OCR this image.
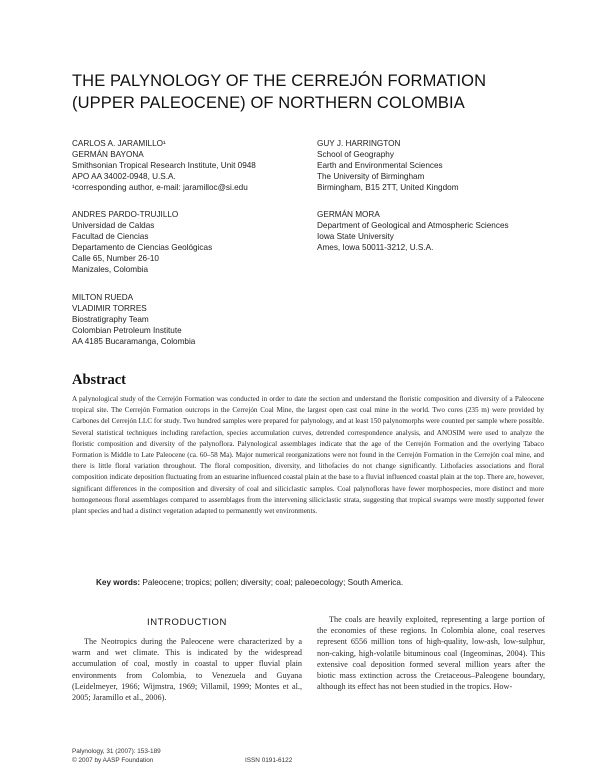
THE PALYNOLOGY OF THE CERREJÓN FORMATION
(UPPER PALEOCENE) OF NORTHERN COLOMBIA
CARLOS A. JARAMILLO¹
GERMÁN BAYONA
Smithsonian Tropical Research Institute, Unit 0948
APO AA 34002-0948, U.S.A.
¹corresponding author, e-mail: jaramilloc@si.edu
ANDRES PARDO-TRUJILLO
Universidad de Caldas
Facultad de Ciencias
Departamento de Ciencias Geológicas
Calle 65, Number 26-10
Manizales, Colombia
MILTON RUEDA
VLADIMIR TORRES
Biostratigraphy Team
Colombian Petroleum Institute
AA 4185 Bucaramanga, Colombia
GUY J. HARRINGTON
School of Geography
Earth and Environmental Sciences
The University of Birmingham
Birmingham, B15 2TT, United Kingdom
GERMÁN MORA
Department of Geological and Atmospheric Sciences
Iowa State University
Ames, Iowa 50011-3212, U.S.A.
Abstract
A palynological study of the Cerrejón Formation was conducted in order to date the section and understand the floristic composition and diversity of a Paleocene tropical site. The Cerrejón Formation outcrops in the Cerrejón Coal Mine, the largest open cast coal mine in the world. Two cores (235 m) were provided by Carbones del Cerrejón LLC for study. Two hundred samples were prepared for palynology, and at least 150 palynomorphs were counted per sample where possible. Several statistical techniques including rarefaction, species accumulation curves, detrended correspondence analysis, and ANOSIM were used to analyze the floristic composition and diversity of the palynoflora. Palynological assemblages indicate that the age of the Cerrejón Formation and the overlying Tabaco Formation is Middle to Late Paleocene (ca. 60–58 Ma). Major numerical reorganizations were not found in the Cerrejón Formation in the Cerrejón coal mine, and there is little floral variation throughout. The floral composition, diversity, and lithofacies do not change significantly. Lithofacies associations and floral composition indicate deposition fluctuating from an estuarine influenced coastal plain at the base to a fluvial influenced coastal plain at the top. There are, however, significant differences in the composition and diversity of coal and siliciclastic samples. Coal palynofloras have fewer morphospecies, more distinct and more homogeneous floral assemblages compared to assemblages from the intervening siliciclastic strata, suggesting that tropical swamps were mostly supported fewer plant species and had a distinct vegetation adapted to permanently wet environments.
Key words: Paleocene; tropics; pollen; diversity; coal; paleoecology; South America.
INTRODUCTION
The Neotropics during the Paleocene were characterized by a warm and wet climate. This is indicated by the widespread accumulation of coal, mostly in coastal to upper fluvial plain environments from Colombia, to Venezuela and Guyana (Leidelmeyer, 1966; Wijmstra, 1969; Villamil, 1999; Montes et al., 2005; Jaramillo et al., 2006).
The coals are heavily exploited, representing a large portion of the economies of these regions. In Colombia alone, coal reserves represent 6556 million tons of high-quality, low-ash, low-sulphur, non-caking, high-volatile bituminous coal (Ingeominas, 2004). This extensive coal deposition formed several million years after the biotic mass extinction across the Cretaceous–Paleogene boundary, although its effect has not been studied in the tropics. How-
Palynology, 31 (2007): 153-189
© 2007 by AASP Foundation	ISSN 0191-6122
